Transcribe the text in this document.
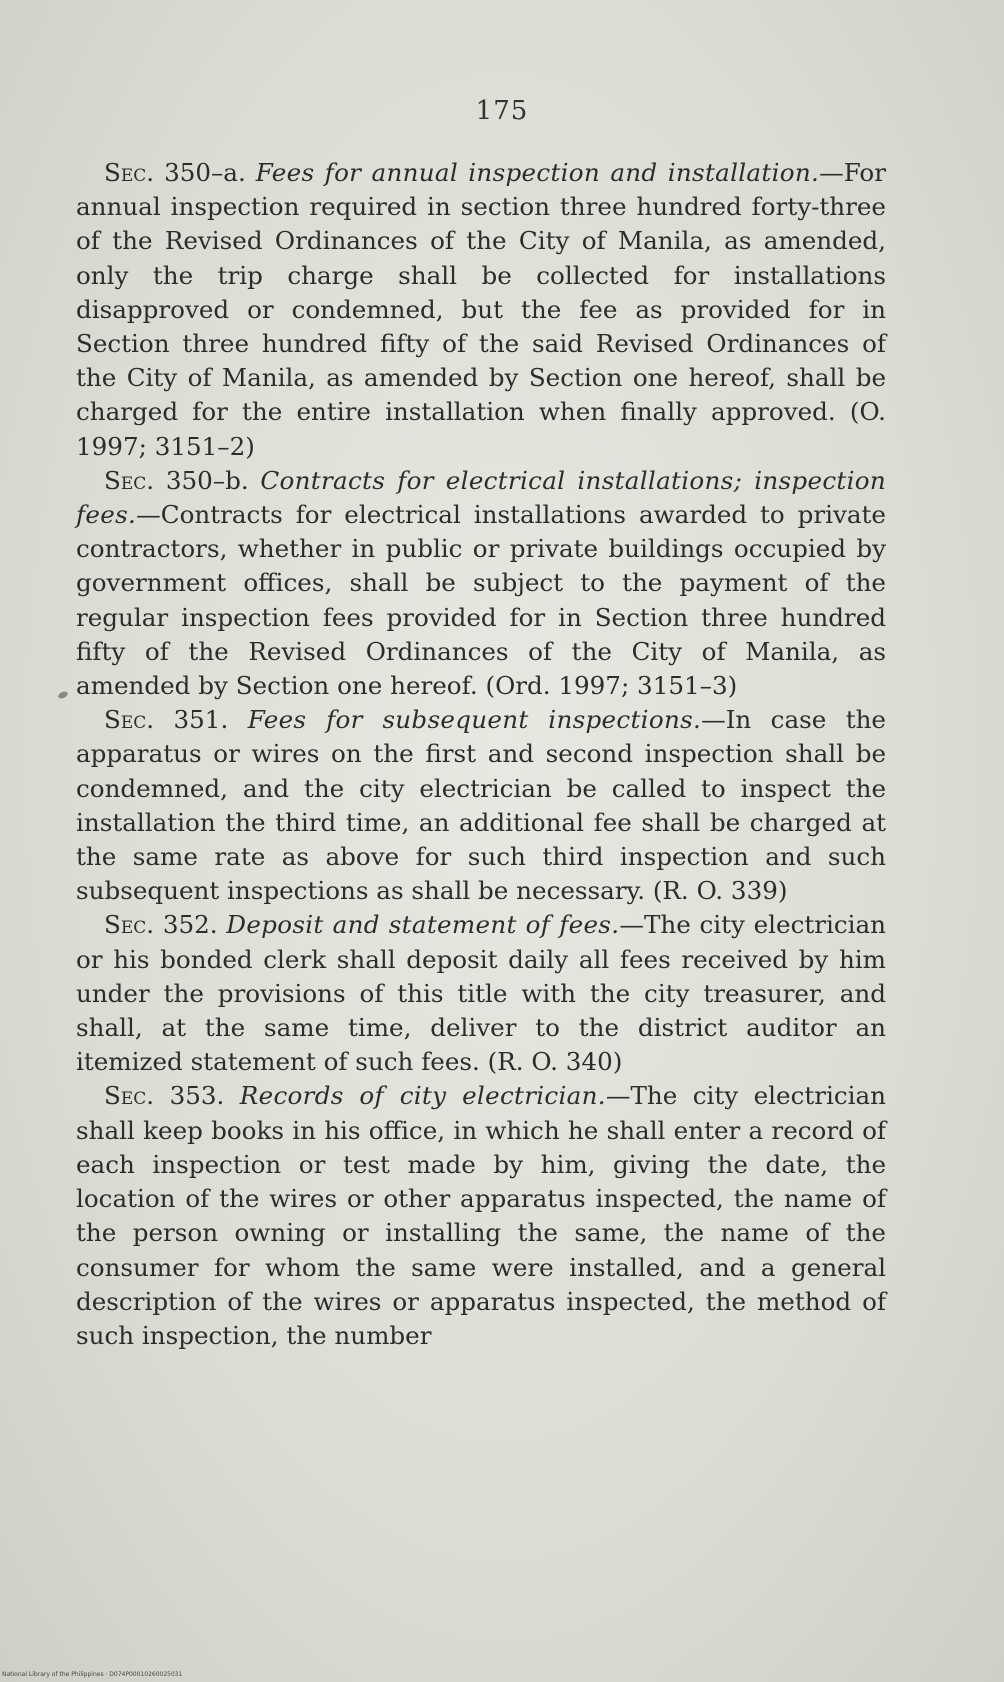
175

Sec. 350–a. Fees for annual inspection and installation.—For annual inspection required in section three hundred forty-three of the Revised Ordinances of the City of Manila, as amended, only the trip charge shall be collected for installations disapproved or condemned, but the fee as provided for in Section three hundred fifty of the said Revised Ordinances of the City of Manila, as amended by Section one hereof, shall be charged for the entire installation when finally approved. (O. 1997; 3151–2)

Sec. 350–b. Contracts for electrical installations; inspection fees.—Contracts for electrical installations awarded to private contractors, whether in public or private buildings occupied by government offices, shall be subject to the payment of the regular inspection fees provided for in Section three hundred fifty of the Revised Ordinances of the City of Manila, as amended by Section one hereof. (Ord. 1997; 3151–3)

Sec. 351. Fees for subsequent inspections.—In case the apparatus or wires on the first and second inspection shall be condemned, and the city electrician be called to inspect the installation the third time, an additional fee shall be charged at the same rate as above for such third inspection and such subsequent inspections as shall be necessary. (R. O. 339)

Sec. 352. Deposit and statement of fees.—The city electrician or his bonded clerk shall deposit daily all fees received by him under the provisions of this title with the city treasurer, and shall, at the same time, deliver to the district auditor an itemized statement of such fees. (R. O. 340)

Sec. 353. Records of city electrician.—The city electrician shall keep books in his office, in which he shall enter a record of each inspection or test made by him, giving the date, the location of the wires or other apparatus inspected, the name of the person owning or installing the same, the name of the consumer for whom the same were installed, and a general description of the wires or apparatus inspected, the method of such inspection, the number

National Library of the Philippines · D074P0001026002503​1
